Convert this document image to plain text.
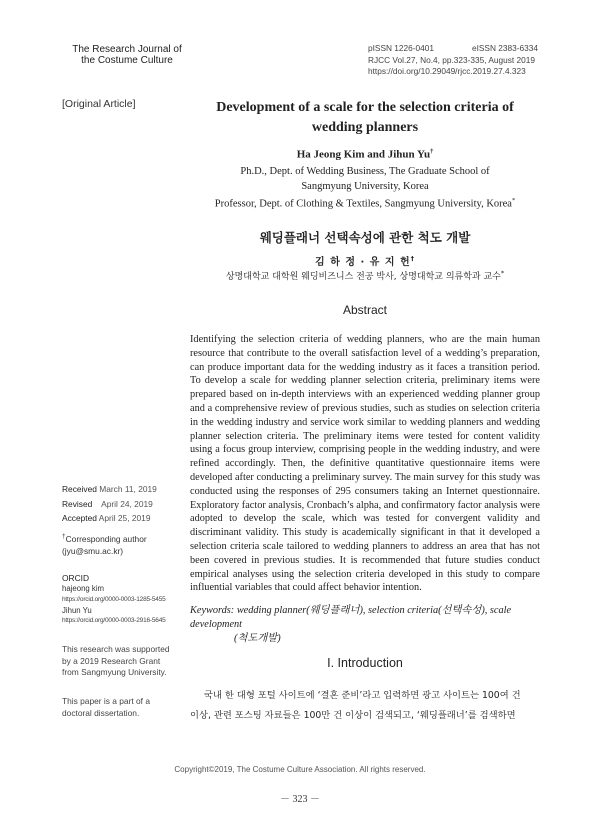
The Research Journal of
the Costume Culture
pISSN 1226-0401	eISSN 2383-6334
RJCC Vol.27, No.4, pp.323-335, August 2019
https://doi.org/10.29049/rjcc.2019.27.4.323
[Original Article]	Development of a scale for the selection criteria of
wedding planners
Ha Jeong Kim and Jihun Yu†
Ph.D., Dept. of Wedding Business, The Graduate School of
Sangmyung University, Korea
Professor, Dept. of Clothing & Textiles, Sangmyung University, Korea*
웨딩플래너 선택속성에 관한 척도 개발
김 하 정 · 유 지 헌†
상명대학교 대학원 웨딩비즈니스 전공 박사, 상명대학교 의류학과 교수*
Abstract
Identifying the selection criteria of wedding planners, who are the main human resource that contribute to the overall satisfaction level of a wedding’s preparation, can produce important data for the wedding industry as it faces a transition period. To develop a scale for wedding planner selection criteria, preliminary items were prepared based on in-depth interviews with an experienced wedding planner group and a comprehensive review of previous studies, such as studies on selection criteria in the wedding industry and service work similar to wedding planners and wedding planner selection criteria. The preliminary items were tested for content validity using a focus group interview, comprising people in the wedding industry, and were refined accordingly. Then, the definitive quantitative questionnaire items were developed after conducting a preliminary survey. The main survey for this study was conducted using the responses of 295 consumers taking an Internet questionnaire. Exploratory factor analysis, Cronbach’s alpha, and confirmatory factor analysis were adopted to develop the scale, which was tested for convergent validity and discriminant validity. This study is academically significant in that it developed a selection criteria scale tailored to wedding planners to address an area that has not been covered in previous studies. It is recommended that future studies conduct empirical analyses using the selection criteria developed in this study to compare influential variables that could affect behavior intention.
Keywords: wedding planner(웨딩플래너), selection criteria(선택속성), scale development
(척도개발)
I. Introduction
국내 한 대형 포털 사이트에 ‘결혼 준비’라고 입력하면 광고 사이트는 100여 건
이상, 관련 포스팅 자료들은 100만 건 이상이 검색되고, ‘웨딩플래너’를 검색하면
Received March 11, 2019
Revised April 24, 2019
Accepted April 25, 2019
†Corresponding author
(jyu@smu.ac.kr)
ORCID
hajeong kim
https://orcid.org/0000-0003-1285-5455
Jihun Yu
https://orcid.org/0000-0003-2916-5645
This research was supported
by a 2019 Research Grant
from Sangmyung University.
This paper is a part of a
doctoral dissertation.
Copyright©2019, The Costume Culture Association. All rights reserved.
－ 323 －
